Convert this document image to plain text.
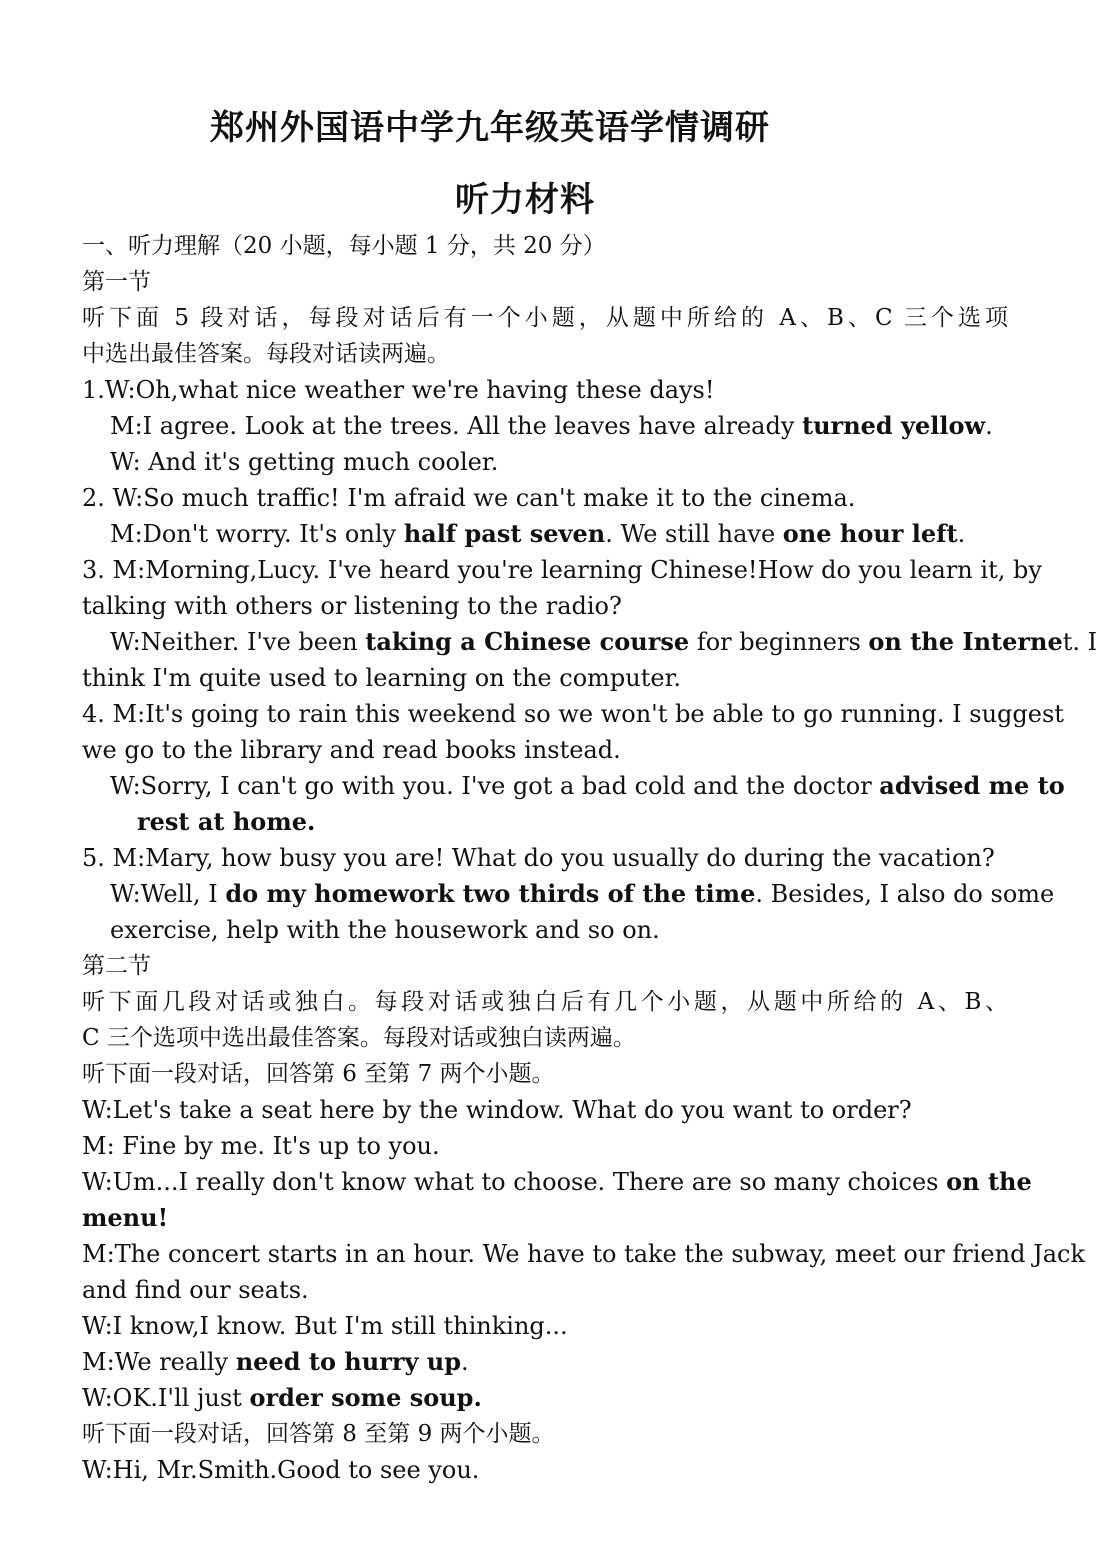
郑州外国语中学九年级英语学情调研
听力材料
一、听力理解（20 小题，每小题 1 分，共 20 分）
第一节
听下面 5 段对话，每段对话后有一个小题，从题中所给的 A、B、C 三个选项
中选出最佳答案。每段对话读两遍。
1.W:Oh,what nice weather we're having these days!
M:I agree. Look at the trees. All the leaves have already turned yellow.
W: And it's getting much cooler.
2. W:So much traffic! I'm afraid we can't make it to the cinema.
M:Don't worry. It's only half past seven. We still have one hour left.
3. M:Morning,Lucy. I've heard you're learning Chinese!How do you learn it, by
talking with others or listening to the radio?
W:Neither. I've been taking a Chinese course for beginners on the Internet. I
think I'm quite used to learning on the computer.
4. M:It's going to rain this weekend so we won't be able to go running. I suggest
we go to the library and read books instead.
W:Sorry, I can't go with you. I've got a bad cold and the doctor advised me to
rest at home.
5. M:Mary, how busy you are! What do you usually do during the vacation?
W:Well, I do my homework two thirds of the time. Besides, I also do some
exercise, help with the housework and so on.
第二节
听下面几段对话或独白。每段对话或独白后有几个小题，从题中所给的 A、B、
C 三个选项中选出最佳答案。每段对话或独白读两遍。
听下面一段对话，回答第 6 至第 7 两个小题。
W:Let's take a seat here by the window. What do you want to order?
M: Fine by me. It's up to you.
W:Um...I really don't know what to choose. There are so many choices on the
menu!
M:The concert starts in an hour. We have to take the subway, meet our friend Jack
and find our seats.
W:I know,I know. But I'm still thinking...
M:We really need to hurry up.
W:OK.I'll just order some soup.
听下面一段对话，回答第 8 至第 9 两个小题。
W:Hi, Mr.Smith.Good to see you.
